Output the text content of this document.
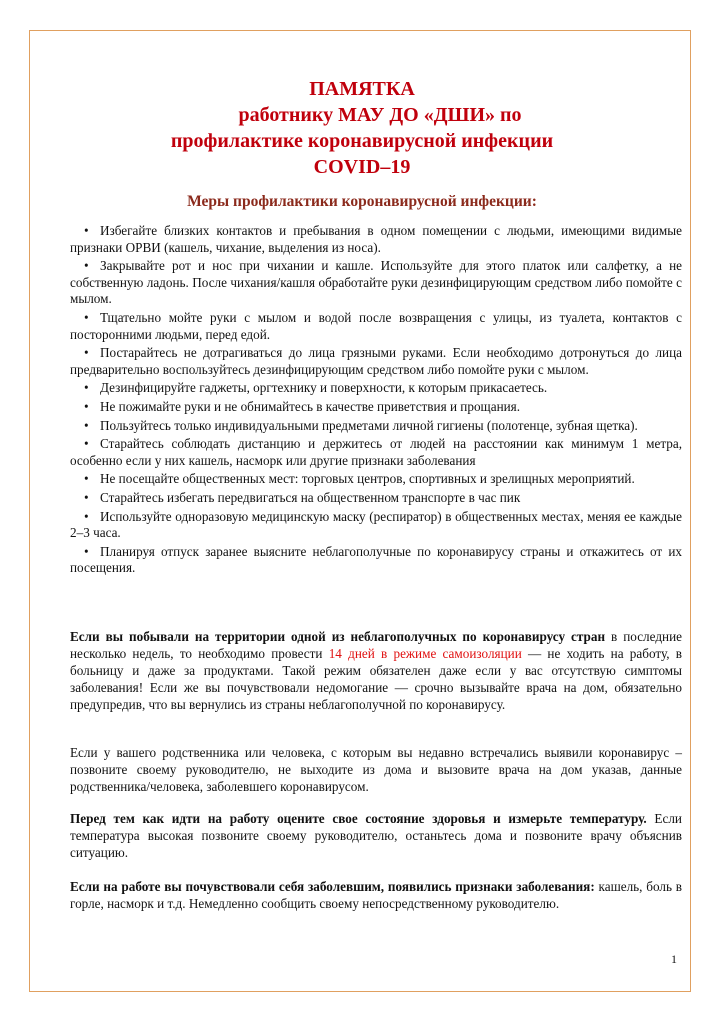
ПАМЯТКА
работнику МАУ ДО «ДШИ» по
профилактике коронавирусной инфекции
COVID–19
Меры профилактики коронавирусной инфекции:
• Избегайте близких контактов и пребывания в одном помещении с людьми, имеющими видимые признаки ОРВИ (кашель, чихание, выделения из носа).
• Закрывайте рот и нос при чихании и кашле. Используйте для этого платок или салфетку, а не собственную ладонь. После чихания/кашля обработайте руки дезинфицирующим средством либо помойте с мылом.
• Тщательно мойте руки с мылом и водой после возвращения с улицы, из туалета, контактов с посторонними людьми, перед едой.
• Постарайтесь не дотрагиваться до лица грязными руками. Если необходимо дотронуться до лица предварительно воспользуйтесь дезинфицирующим средством либо помойте руки с мылом.
• Дезинфицируйте гаджеты, оргтехнику и поверхности, к которым прикасаетесь.
• Не пожимайте руки и не обнимайтесь в качестве приветствия и прощания.
• Пользуйтесь только индивидуальными предметами личной гигиены (полотенце, зубная щетка).
• Старайтесь соблюдать дистанцию и держитесь от людей на расстоянии как минимум 1 метра, особенно если у них кашель, насморк или другие признаки заболевания
• Не посещайте общественных мест: торговых центров, спортивных и зрелищных мероприятий.
• Старайтесь избегать передвигаться на общественном транспорте в час пик
• Используйте одноразовую медицинскую маску (респиратор) в общественных местах, меняя ее каждые 2–3 часа.
• Планируя отпуск заранее выясните неблагополучные по коронавирусу страны и откажитесь от их посещения.
Если вы побывали на территории одной из неблагополучных по коронавирусу стран в последние несколько недель, то необходимо провести 14 дней в режиме самоизоляции — не ходить на работу, в больницу и даже за продуктами. Такой режим обязателен даже если у вас отсутствую симптомы заболевания! Если же вы почувствовали недомогание — срочно вызывайте врача на дом, обязательно предупредив, что вы вернулись из страны неблагополучной по коронавирусу.
Если у вашего родственника или человека, с которым вы недавно встречались выявили коронавирус – позвоните своему руководителю, не выходите из дома и вызовите врача на дом указав, данные родственника/человека, заболевшего коронавирусом.
Перед тем как идти на работу оцените свое состояние здоровья и измерьте температуру. Если температура высокая позвоните своему руководителю, останьтесь дома и позвоните врачу объяснив ситуацию.
Если на работе вы почувствовали себя заболевшим, появились признаки заболевания: кашель, боль в горле, насморк и т.д. Немедленно сообщить своему непосредственному руководителю.
1
